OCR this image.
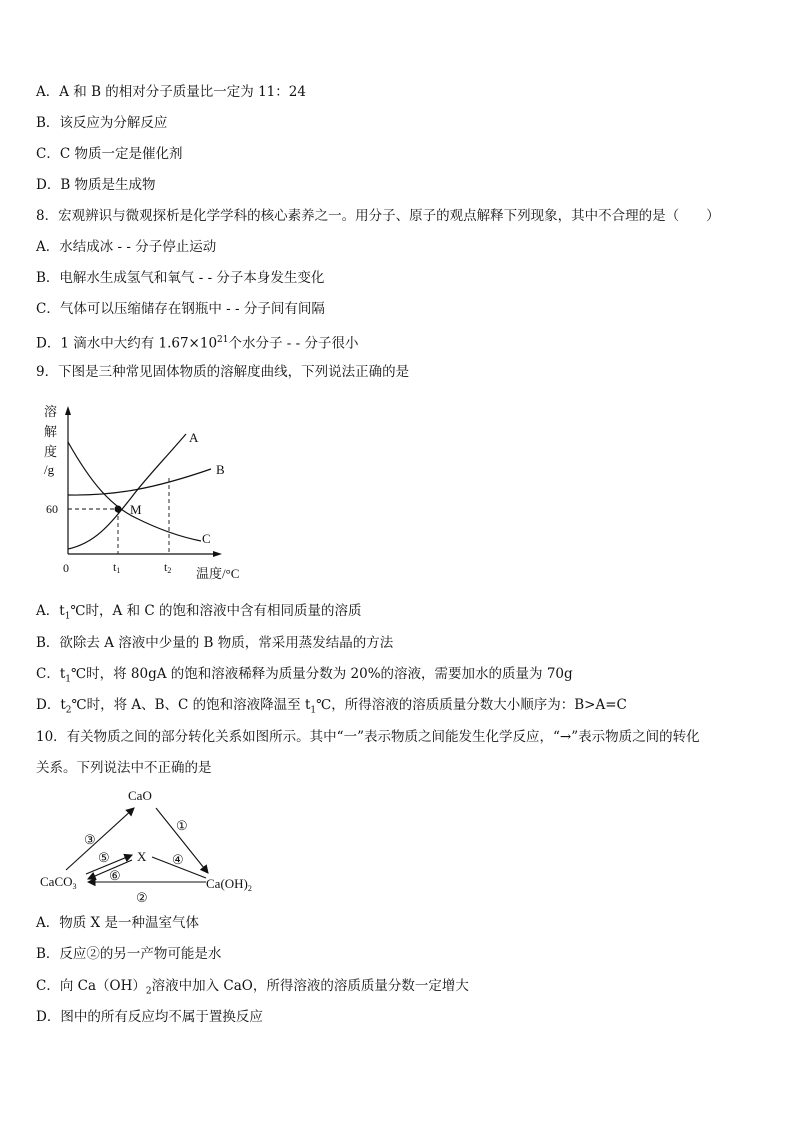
A．A 和 B 的相对分子质量比一定为 11：24
B．该反应为分解反应
C．C 物质一定是催化剂
D．B 物质是生成物
8．宏观辨识与微观探析是化学学科的核心素养之一。用分子、原子的观点解释下列现象，其中不合理的是（　　）
A．水结成冰 - - 分子停止运动
B．电解水生成氢气和氧气 - - 分子本身发生变化
C．气体可以压缩储存在钢瓶中 - - 分子间有间隔
D．1 滴水中大约有 $1.67\times 10^{21}$个水分子 - - 分子很小
9．下图是三种常见固体物质的溶解度曲线，下列说法正确的是
溶
解
度
/g
60
0
A
B
C
M
t1	t2 温度/°C
A．$t_1℃$时，A 和 C 的饱和溶液中含有相同质量的溶质
B．欲除去 A 溶液中少量的 B 物质，常采用蒸发结晶的方法
C．$t_1℃$时，将 80gA 的饱和溶液稀释为质量分数为 20%的溶液，需要加水的质量为 70g
D．$t_2℃$时，将 A、B、C 的饱和溶液降温至 $t_1℃$，所得溶液的溶质质量分数大小顺序为：B>A=C
10．有关物质之间的部分转化关系如图所示。其中“一”表示物质之间能发生化学反应，“→”表示物质之间的转化
关系。下列说法中不正确的是
CaO
CaCO$_3$	$Ca(OH)_2$
X
①
②
③
④
⑤
⑥
A．物质 X 是一种温室气体
B．反应②的另一产物可能是水
C．向 $Ca(OH)_2$溶液中加入 CaO，所得溶液的溶质质量分数一定增大
D．图中的所有反应均不属于置换反应
